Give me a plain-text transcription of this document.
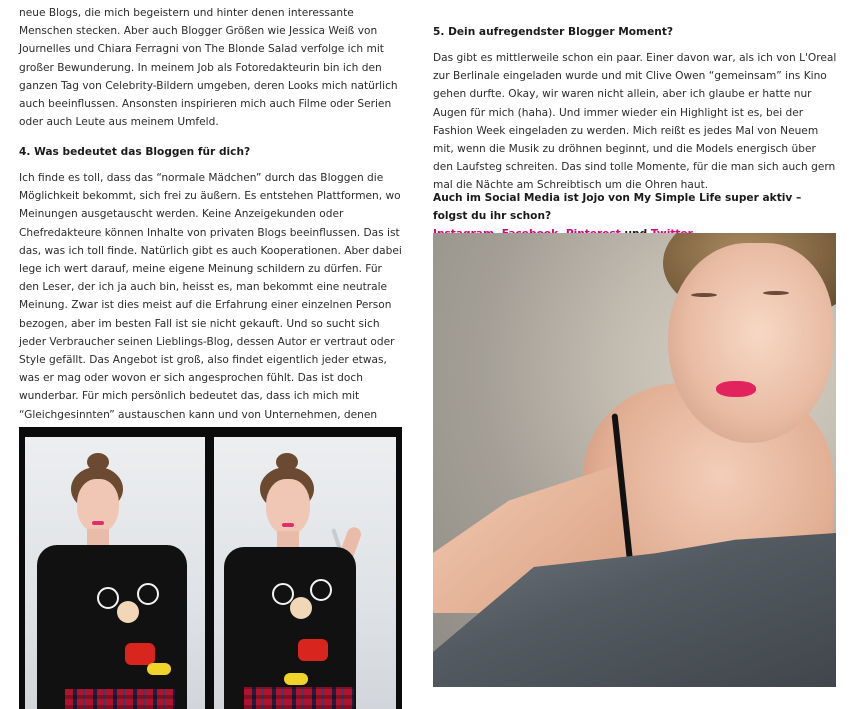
neue Blogs, die mich begeistern und hinter denen interessante Menschen stecken. Aber auch Blogger Größen wie Jessica Weiß von Journelles und Chiara Ferragni von The Blonde Salad verfolge ich mit großer Bewunderung. In meinem Job als Fotoredakteurin bin ich den ganzen Tag von Celebrity-Bildern umgeben, deren Looks mich natürlich auch beeinflussen. Ansonsten inspirieren mich auch Filme oder Serien oder auch Leute aus meinem Umfeld.

4. Was bedeutet das Bloggen für dich?

Ich finde es toll, dass das “normale Mädchen” durch das Bloggen die Möglichkeit bekommt, sich frei zu äußern. Es entstehen Plattformen, wo Meinungen ausgetauscht werden. Keine Anzeigekunden oder Chefredakteure können Inhalte von privaten Blogs beeinflussen. Das ist das, was ich toll finde. Natürlich gibt es auch Kooperationen. Aber dabei lege ich wert darauf, meine eigene Meinung schildern zu dürfen. Für den Leser, der ich ja auch bin, heisst es, man bekommt eine neutrale Meinung. Zwar ist dies meist auf die Erfahrung einer einzelnen Person bezogen, aber im besten Fall ist sie nicht gekauft. Und so sucht sich jeder Verbraucher seinen Lieblings-Blog, dessen Autor er vertraut oder Style gefällt. Das Angebot ist groß, also findet eigentlich jeder etwas, was er mag oder wovon er sich angesprochen fühlt. Das ist doch wunderbar. Für mich persönlich bedeutet das, dass ich mich mit “Gleichgesinnten” austauschen kann und von Unternehmen, denen

5. Dein aufregendster Blogger Moment?

Das gibt es mittlerweile schon ein paar. Einer davon war, als ich von L'Oreal zur Berlinale eingeladen wurde und mit Clive Owen “gemeinsam” ins Kino gehen durfte. Okay, wir waren nicht allein, aber ich glaube er hatte nur Augen für mich (haha). Und immer wieder ein Highlight ist es, bei der Fashion Week eingeladen zu werden. Mich reißt es jedes Mal von Neuem mit, wenn die Musik zu dröhnen beginnt, und die Models energisch über den Laufsteg schreiten. Das sind tolle Momente, für die man sich auch gern mal die Nächte am Schreibtisch um die Ohren haut.

Auch im Social Media ist Jojo von My Simple Life super aktiv – folgst du ihr schon?
